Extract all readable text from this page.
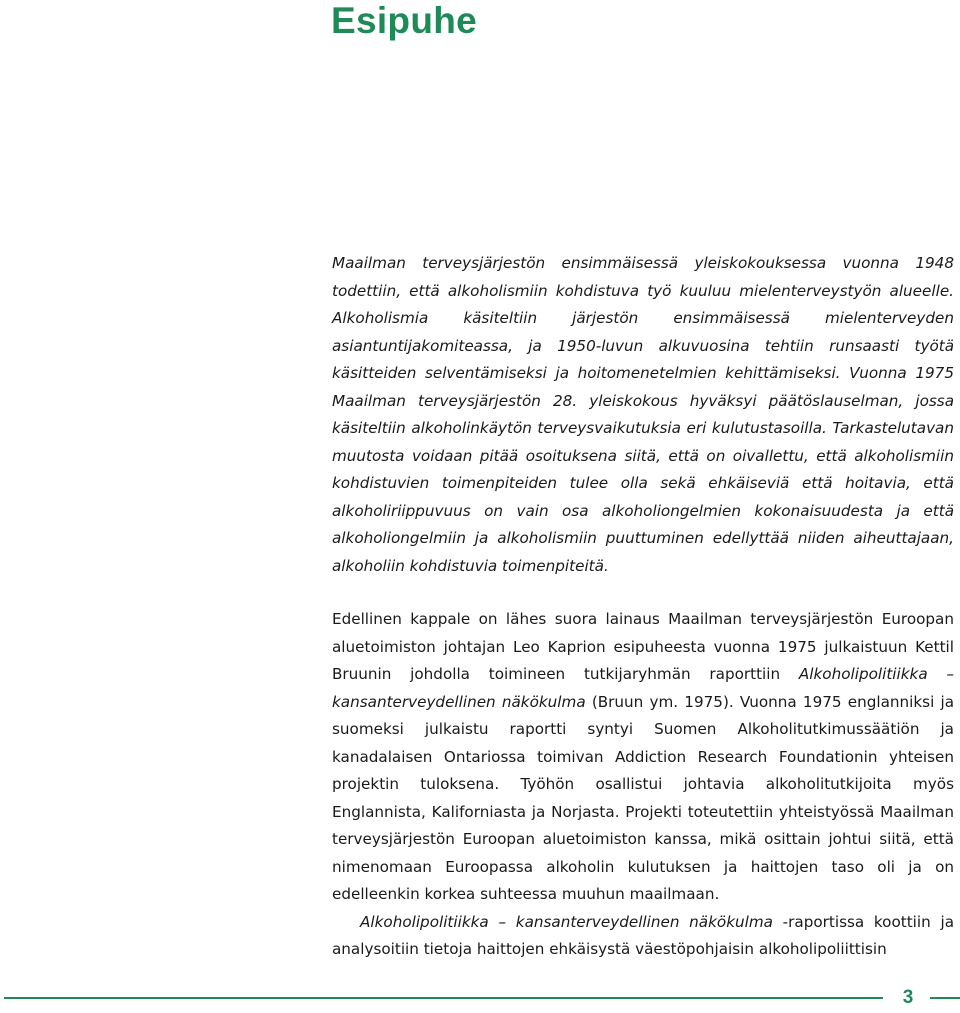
Esipuhe

Maailman terveysjärjestön ensimmäisessä yleiskokouksessa vuonna 1948 todettiin, että alkoholismiin kohdistuva työ kuuluu mielenterveystyön alueelle. Alkoholismia käsiteltiin järjestön ensimmäisessä mielenterveyden asiantuntijakomiteassa, ja 1950-luvun alkuvuosina tehtiin runsaasti työtä käsitteiden selventämiseksi ja hoitomenetelmien kehittämiseksi. Vuonna 1975 Maailman terveysjärjestön 28. yleiskokous hyväksyi päätöslauselman, jossa käsiteltiin alkoholinkäytön terveysvaikutuksia eri kulutustasoilla. Tarkastelutavan muutosta voidaan pitää osoituksena siitä, että on oivallettu, että alkoholismiin kohdistuvien toimenpiteiden tulee olla sekä ehkäiseviä että hoitavia, että alkoholiriippuvuus on vain osa alkoholiongelmien kokonaisuudesta ja että alkoholiongelmiin ja alkoholismiin puuttuminen edellyttää niiden aiheuttajaan, alkoholiin kohdistuvia toimenpiteitä.

Edellinen kappale on lähes suora lainaus Maailman terveysjärjestön Euroopan aluetoimiston johtajan Leo Kaprion esipuheesta vuonna 1975 julkaistuun Kettil Bruunin johdolla toimineen tutkijaryhmän raporttiin Alkoholipolitiikka – kansanterveydellinen näkökulma (Bruun ym. 1975). Vuonna 1975 englanniksi ja suomeksi julkaistu raportti syntyi Suomen Alkoholitutkimussäätiön ja kanadalaisen Ontariossa toimivan Addiction Research Foundationin yhteisen projektin tuloksena. Työhön osallistui johtavia alkoholitutkijoita myös Englannista, Kaliforniasta ja Norjasta. Projekti toteutettiin yhteistyössä Maailman terveysjärjestön Euroopan aluetoimiston kanssa, mikä osittain johtui siitä, että nimenomaan Euroopassa alkoholin kulutuksen ja haittojen taso oli ja on edelleenkin korkea suhteessa muuhun maailmaan.

Alkoholipolitiikka – kansanterveydellinen näkökulma -raportissa koottiin ja analysoitiin tietoja haittojen ehkäisystä väestöpohjaisin alkoholipoliittisin

3
